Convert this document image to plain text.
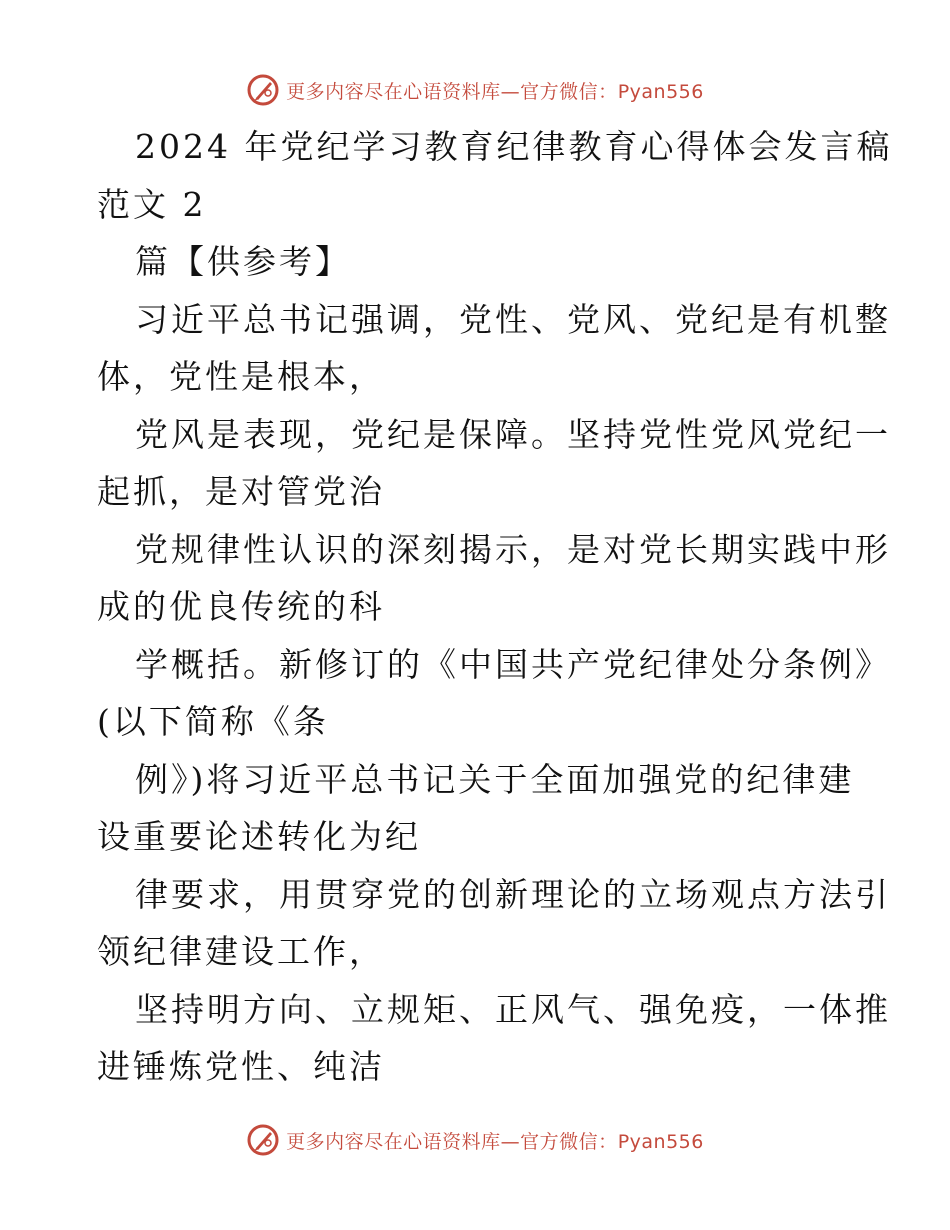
更多内容尽在心语资料库—官方微信：Pyan556
2024 年党纪学习教育纪律教育心得体会发言稿
范文 2
篇【供参考】
习近平总书记强调，党性、党风、党纪是有机整
体，党性是根本，
党风是表现，党纪是保障。坚持党性党风党纪一
起抓，是对管党治
党规律性认识的深刻揭示，是对党长期实践中形
成的优良传统的科
学概括。新修订的《中国共产党纪律处分条例》
(以下简称《条
例》)将习近平总书记关于全面加强党的纪律建
设重要论述转化为纪
律要求，用贯穿党的创新理论的立场观点方法引
领纪律建设工作，
坚持明方向、立规矩、正风气、强免疫，一体推
进锤炼党性、纯洁
更多内容尽在心语资料库—官方微信：Pyan556
